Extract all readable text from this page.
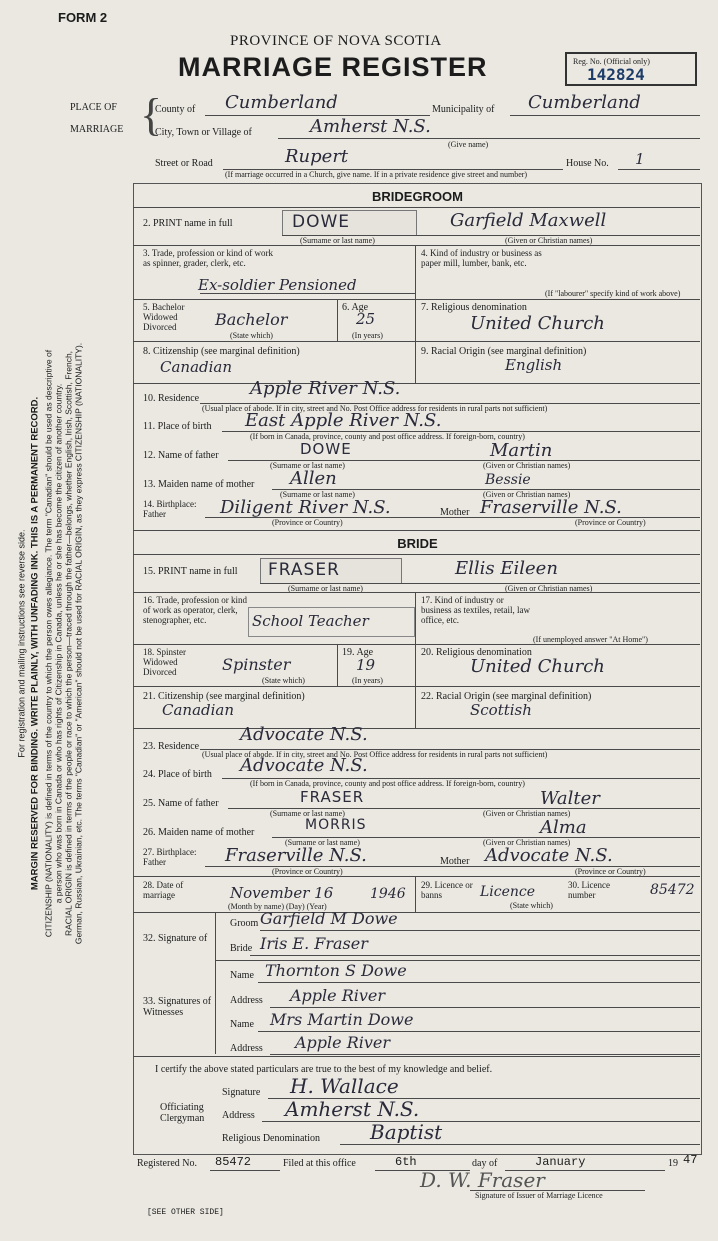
For registration and mailing instructions see reverse side. MARGIN RESERVED FOR BINDING. WRITE PLAINLY, WITH UNFADING INK. THIS IS A PERMANENT RECORD. CITIZENSHIP (NATIONALITY) is defined in terms of the country to which the person owes allegiance. The term "Canadian" should be used as descriptive of a person who was born in Canada or who has rights of Citizenship in Canada, unless he or she has become the citizen of another country. RACIAL ORIGIN is defined in terms of the people or race to which the person—traced through the father—belongs, whether English, Irish, Scottish, French, German, Russian, Ukrainian, etc. The terms "Canadian" or "American" should not be used for RACIAL ORIGIN, as they express CITIZENSHIP (NATIONALITY).
FORM 2
PROVINCE OF NOVA SCOTIA
MARRIAGE REGISTER	Reg. No. (Official only)
142824
PLACE OF
MARRIAGE {
County of Cumberland	Municipality of Cumberland
City, Town or Village of	Amherst N.S.
(Give name)
Street or Road	Rupert	House No. 1
(If marriage occurred in a Church, give name. If in a private residence give street and number)
BRIDEGROOM
2. PRINT name in full	DOWE	Garfield Maxwell
(Surname or last name)	(Given or Christian names)
3. Trade, profession or kind of work as spinner, grader, clerk, etc.
Ex-soldier Pensioned
4. Kind of industry or business as paper mill, lumber, bank, etc.
(If "labourer" specify kind of work above)
5. Bachelor Widowed Divorced	Bachelor
(State which)
6. Age
25
(In years)
7. Religious denomination
United Church
8. Citizenship (see marginal definition)
Canadian
9. Racial Origin (see marginal definition)
English
10. Residence	Apple River N.S.
(Usual place of abode. If in city, street and No. Post Office address for residents in rural parts not sufficient)
11. Place of birth East Apple River N.S.
(If born in Canada, province, county and post office address. If foreign-born, country)
12. Name of father	DOWE	Martin
(Surname or last name)	(Given or Christian names)
13. Maiden name of mother Allen	Bessie
(Surname or last name)	(Given or Christian names)
14. Birthplace: Father	Diligent River N.S.	Mother Fraserville N.S.
(Province or Country)	(Province or Country)
BRIDE
15. PRINT name in full FRASER	Ellis Eileen
(Surname or last name)	(Given or Christian names)
16. Trade, profession or kind of work as operator, clerk, stenographer, etc.	School Teacher
17. Kind of industry or business as textiles, retail, law office, etc.
(If unemployed answer "At Home")
18. Spinster Widowed Divorced	Spinster
(State which)
19. Age
19
(In years)
20. Religious denomination
United Church
21. Citizenship (see marginal definition)
Canadian
22. Racial Origin (see marginal definition)
Scottish
23. Residence
Advocate N.S.
(Usual place of abode. If in city, street and No. Post Office address for residents in rural parts not sufficient)
24. Place of birth Advocate N.S.
(If born in Canada, province, county and post office address. If foreign-born, country)
25. Name of father	FRASER	Walter
(Surname or last name)	(Given or Christian names)
26. Maiden name of mother	MORRIS	Alma
(Surname or last name)	(Given or Christian names)
27. Birthplace: Father	Fraserville N.S.	Mother Advocate N.S.
(Province or Country)	(Province or Country)
28. Date of marriage	November 16	1946
(Month by name) (Day) (Year)
29. Licence or banns	Licence
(State which)
30. Licence number	85472
32. Signature of
Groom Garfield M Dowe
Bride Iris E. Fraser
33. Signatures of Witnesses
Name Thornton S Dowe
Address Apple River
Name Mrs Martin Dowe
Address Apple River
I certify the above stated particulars are true to the best of my knowledge and belief.
Officiating Clergyman
Signature H. Wallace
Address Amherst N.S.
Religious Denomination Baptist
Registered No. 85472	Filed at this office	6th	day of	January	19 47
D. W. Fraser
Signature of Issuer of Marriage Licence
[SEE OTHER SIDE]
